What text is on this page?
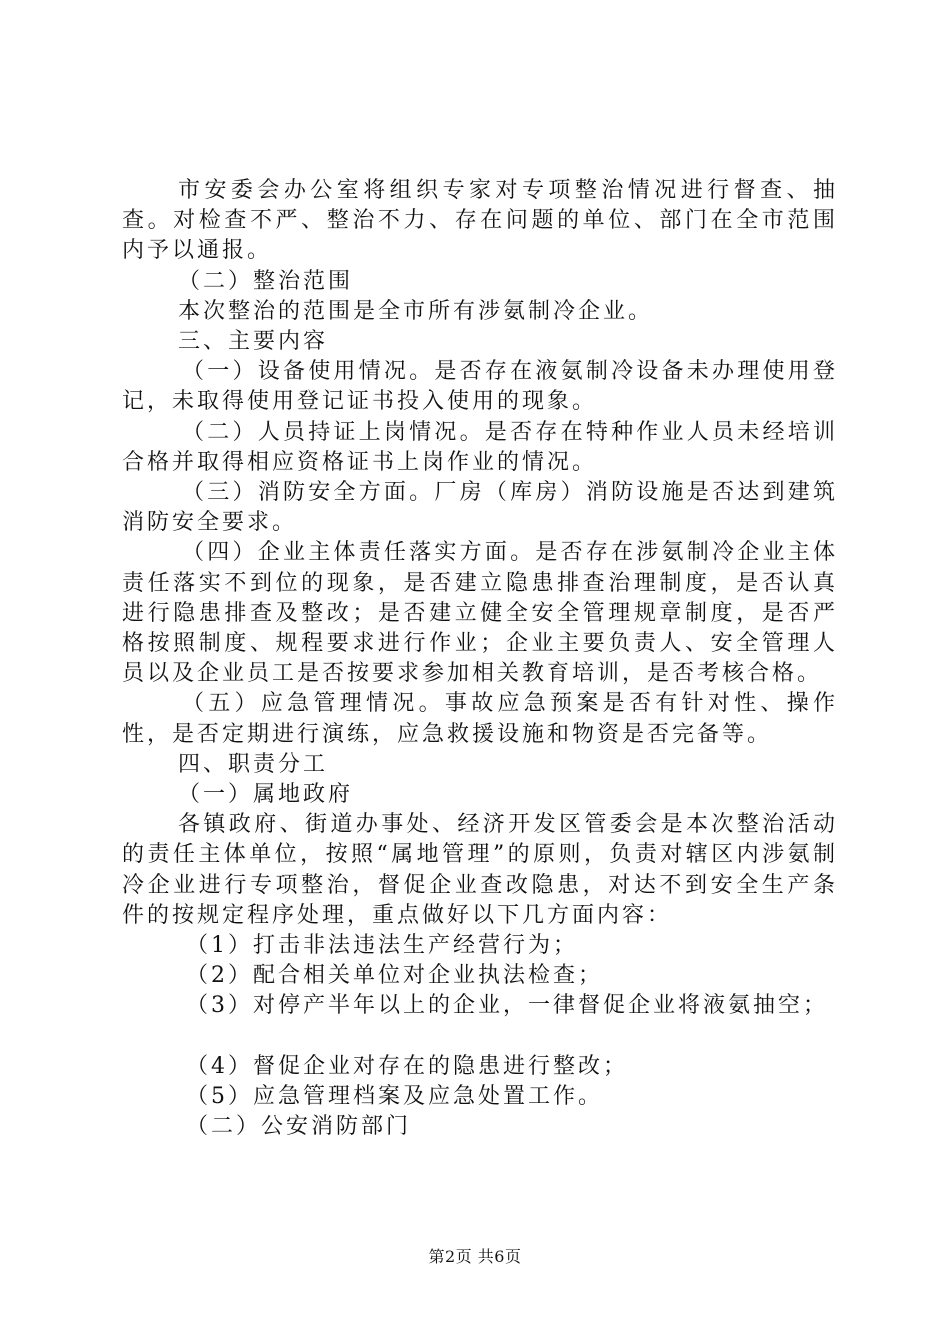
市安委会办公室将组织专家对专项整治情况进行督查、抽查。对检查不严、整治不力、存在问题的单位、部门在全市范围内予以通报。

（二）整治范围

本次整治的范围是全市所有涉氨制冷企业。

三、主要内容

（一）设备使用情况。是否存在液氨制冷设备未办理使用登记，未取得使用登记证书投入使用的现象。

（二）人员持证上岗情况。是否存在特种作业人员未经培训合格并取得相应资格证书上岗作业的情况。

（三）消防安全方面。厂房（库房）消防设施是否达到建筑消防安全要求。

（四）企业主体责任落实方面。是否存在涉氨制冷企业主体责任落实不到位的现象，是否建立隐患排查治理制度，是否认真进行隐患排查及整改；是否建立健全安全管理规章制度，是否严格按照制度、规程要求进行作业；企业主要负责人、安全管理人员以及企业员工是否按要求参加相关教育培训，是否考核合格。

（五）应急管理情况。事故应急预案是否有针对性、操作性，是否定期进行演练，应急救援设施和物资是否完备等。

四、职责分工

（一）属地政府

各镇政府、街道办事处、经济开发区管委会是本次整治活动的责任主体单位，按照“属地管理”的原则，负责对辖区内涉氨制冷企业进行专项整治，督促企业查改隐患，对达不到安全生产条件的按规定程序处理，重点做好以下几方面内容：

（1）打击非法违法生产经营行为；

（2）配合相关单位对企业执法检查；

（3）对停产半年以上的企业，一律督促企业将液氨抽空；

（4）督促企业对存在的隐患进行整改；

（5）应急管理档案及应急处置工作。

（二）公安消防部门

第2页 共6页
